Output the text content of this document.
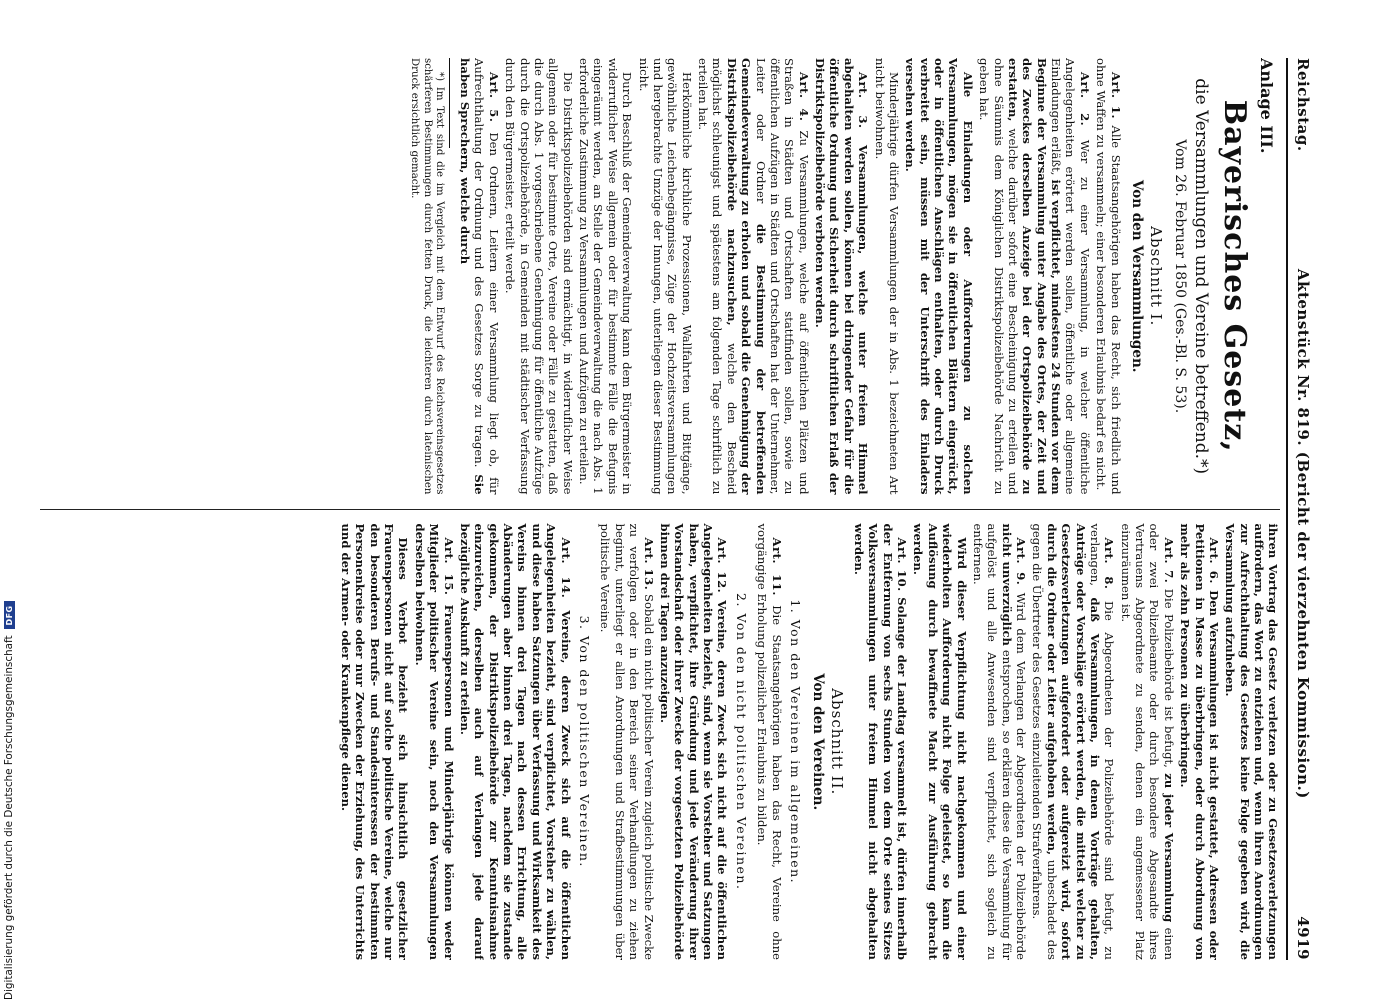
Reichstag.
Aktenstück Nr. 819. (Bericht der vierzehnten Kommission.)
4919

Anlage III.

Bayerisches Gesetz,

die Versammlungen und Vereine betreffend.*)

Vom 26. Februar 1850 (Ges.-Bl. S. 53).

Abschnitt I.

Von den Versammlungen.

Art. 1. Alle Staatsangehörigen haben das Recht, sich friedlich und ohne Waffen zu versammeln; einer besonderen Erlaubnis bedarf es nicht.

Art. 2. Wer zu einer Versammlung, in welcher öffentliche Angelegenheiten erörtert werden sollen, öffentliche oder allgemeine Einladungen erläßt, ist verpflichtet, mindestens 24 Stunden vor dem Beginne der Versammlung unter Angabe des Ortes, der Zeit und des Zweckes derselben Anzeige bei der Ortspolizeibehörde zu erstatten, welche darüber sofort eine Bescheinigung zu erteilen und ohne Säumnis dem Königlichen Distriktspolizeibehörde Nachricht zu geben hat.

Alle Einladungen oder Aufforderungen zu solchen Versammlungen, mögen sie in öffentlichen Blättern eingerückt, oder in öffentlichen Anschlägen enthalten, oder durch Druck verbreitet sein, müssen mit der Unterschrift des Einladers versehen werden.

Minderjährige dürfen Versammlungen der in Abs. 1 bezeichneten Art nicht beiwohnen.

Art. 3. Versammlungen, welche unter freiem Himmel abgehalten werden sollen, können bei dringender Gefahr für die öffentliche Ordnung und Sicherheit durch schriftlichen Erlaß der Distriktspolizeibehörde verboten werden.

Art. 4. Zu Versammlungen, welche auf öffentlichen Plätzen und Straßen in Städten und Ortschaften stattfinden sollen, sowie zu öffentlichen Aufzügen in Städten und Ortschaften hat der Unternehmer, Leiter oder Ordner die Bestimmung der betreffenden Gemeindeverwaltung zu erholen und sobald die Genehmigung der Distriktspolizeibehörde nachzusuchen, welche den Bescheid möglichst schleunigst und spätestens am folgenden Tage schriftlich zu erteilen hat.

Herkömmliche kirchliche Prozessionen, Wallfahrten und Bittgänge, gewöhnliche Leichenbegängnisse, Züge der Hochzeitsversammlungen und hergebrachte Umzüge der Innungen, unterliegen dieser Bestimmung nicht.

Durch Beschluß der Gemeindeverwaltung kann dem Bürgermeister in widerruflicher Weise allgemein oder für bestimmte Fälle die Befugnis eingeräumt werden, an Stelle der Gemeindeverwaltung die nach Abs. 1 erforderliche Zustimmung zu Versammlungen und Aufzügen zu erteilen.

Die Distriktspolizeibehörden sind ermächtigt, in widerruflicher Weise allgemein oder für bestimmte Orte, Vereine oder Fälle zu gestatten, daß die durch Abs. 1 vorgeschriebene Genehmigung für öffentliche Aufzüge durch die Ortspolizeibehörde, in Gemeinden mit städtischer Verfassung durch den Bürgermeister, erteilt werde.

Art. 5. Den Ordnern, Leitern einer Versammlung liegt ob, für Aufrechthaltung der Ordnung und des Gesetzes Sorge zu tragen. Sie haben Sprechern, welche durch

*) Im Text sind die im Vergleich mit dem Entwurf des Reichsvereinsgesetzes schärferen Bestimmungen durch fetten Druck, die leichteren durch lateinischen Druck ersichtlich gemacht.

ihren Vortrag das Gesetz verletzen oder zu Gesetzesverletzungen auffordern, das Wort zu entziehen und, wenn ihren Anordnungen zur Aufrechthaltung des Gesetzes keine Folge gegeben wird, die Versammlung aufzuheben.

Art. 6. Den Versammlungen ist nicht gestattet, Adressen oder Petitionen in Masse zu überbringen, oder durch Abordnung von mehr als zehn Personen zu überbringen.

Art. 7. Die Polizeibehörde ist befugt, zu jeder Versammlung einen oder zwei Polizeibeamte oder durch besondere Abgesandte ihres Vertrauens Abgeordnete zu senden, denen ein angemessener Platz einzuräumen ist.

Art. 8. Die Abgeordneten der Polizeibehörde sind befugt, zu verlangen, daß Versammlungen, in denen Vorträge gehalten, Anträge oder Vorschläge erörtert werden, die mittelst welcher zu Gesetzesverletzungen aufgefordert oder aufgereizt wird, sofort durch die Ordner oder Leiter aufgehoben werden, unbeschadet des gegen die Übertreter des Gesetzes einzuleitenden Strafverfahrens.

Art. 9. Wird dem Verlangen der Abgeordneten der Polizeibehörde nicht unverzüglich entsprochen, so erklären diese die Versammlung für aufgelöst und alle Anwesenden sind verpflichtet, sich sogleich zu entfernen.

Wird dieser Verpflichtung nicht nachgekommen und einer wiederholten Aufforderung nicht Folge geleistet, so kann die Auflösung durch bewaffnete Macht zur Ausführung gebracht werden.

Art. 10. Solange der Landtag versammelt ist, dürfen innerhalb der Entfernung von sechs Stunden von dem Orte seines Sitzes Volksversammlungen unter freiem Himmel nicht abgehalten werden.

Abschnitt II.

Von den Vereinen.

1. Von den Vereinen im allgemeinen.

Art. 11. Die Staatsangehörigen haben das Recht, Vereine ohne vorgängige Erholung polizeilicher Erlaubnis zu bilden.

2. Von den nicht politischen Vereinen.

Art. 12. Vereine, deren Zweck sich nicht auf die öffentlichen Angelegenheiten bezieht, sind, wenn sie Vorsteher und Satzungen haben, verpflichtet, ihre Gründung und jede Veränderung ihrer Vorstandschaft oder ihrer Zwecke der vorgesetzten Polizeibehörde binnen drei Tagen anzuzeigen.

Art. 13. Sobald ein nicht politischer Verein zugleich politische Zwecke zu verfolgen oder in den Bereich seiner Verhandlungen zu ziehen beginnt, unterliegt er allen Anordnungen und Strafbestimmungen über politische Vereine.

3. Von den politischen Vereinen.

Art. 14. Vereine, deren Zweck sich auf die öffentlichen Angelegenheiten bezieht, sind verpflichtet, Vorsteher zu wählen, und diese haben Satzungen über Verfassung und Wirksamkeit des Vereins binnen drei Tagen nach dessen Errichtung, alle Abänderungen aber binnen drei Tagen, nachdem sie zustande gekommen, der Distriktspolizeibehörde zur Kenntnisnahme einzureichen, derselben auch auf Verlangen jede darauf bezügliche Auskunft zu erteilen.

Art. 15. Frauenspersonen und Minderjährige können weder Mitglieder politischer Vereine sein, noch den Versammlungen derselben beiwohnen.

Dieses Verbot bezieht sich hinsichtlich gesetzlicher Frauenspersonen nicht auf solche politische Vereine, welche nur den besonderen Berufs- und Standesinteressen der bestimmten Personenkreise oder nur Zwecken der Erziehung, des Unterrichts und der Armen- oder Krankenpflege dienen.

Digitalisierung gefördert durch die Deutsche Forschungsgemeinschaft
DFG
